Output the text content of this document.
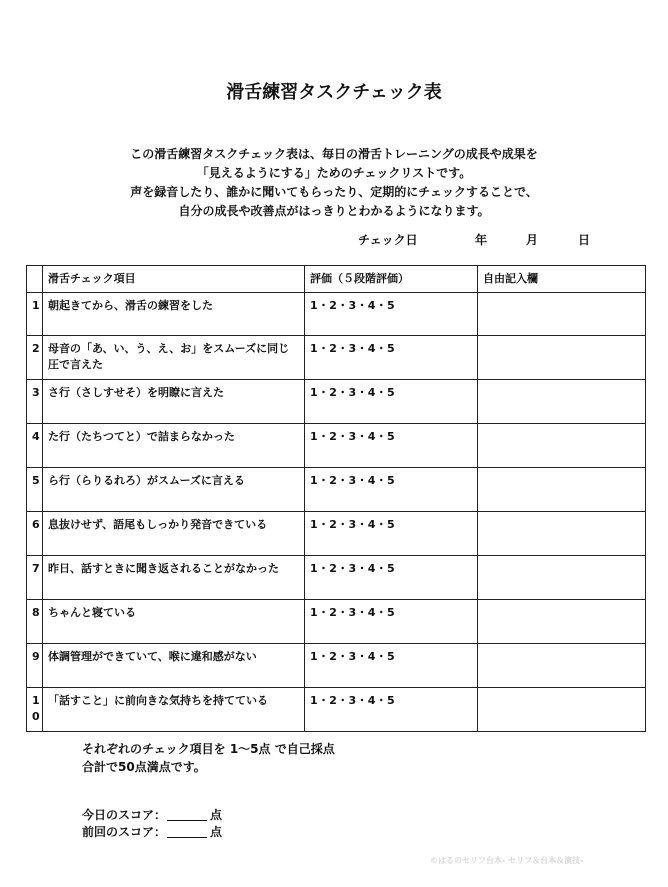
滑舌練習タスクチェック表
この滑舌練習タスクチェック表は、毎日の滑舌トレーニングの成長や成果を
「見えるようにする」ためのチェックリストです。
声を録音したり、誰かに聞いてもらったり、定期的にチェックすることで、
自分の成長や改善点がはっきりとわかるようになります。
チェック日	年	月	日
	滑舌チェック項目	評価（５段階評価）	自由記入欄
1	朝起きてから、滑舌の練習をした	1・2・3・4・5	
2	母音の「あ、い、う、え、お」をスムーズに同じ圧で言えた	1・2・3・4・5	
3	さ行（さしすせそ）を明瞭に言えた	1・2・3・4・5	
4	た行（たちつてと）で詰まらなかった	1・2・3・4・5	
5	ら行（らりるれろ）がスムーズに言える	1・2・3・4・5	
6	息抜けせず、語尾もしっかり発音できている	1・2・3・4・5	
7	昨日、話すときに聞き返されることがなかった	1・2・3・4・5	
8	ちゃんと寝ている	1・2・3・4・5	
9	体調管理ができていて、喉に違和感がない	1・2・3・4・5	
10	「話すこと」に前向きな気持ちを持てている	1・2・3・4・5	
それぞれのチェック項目を 1〜5点 で自己採点
合計で50点満点です。
今日のスコア：	点
前回のスコア：	点
©はるのセリフ台本- セリフ＆台本＆演技-
